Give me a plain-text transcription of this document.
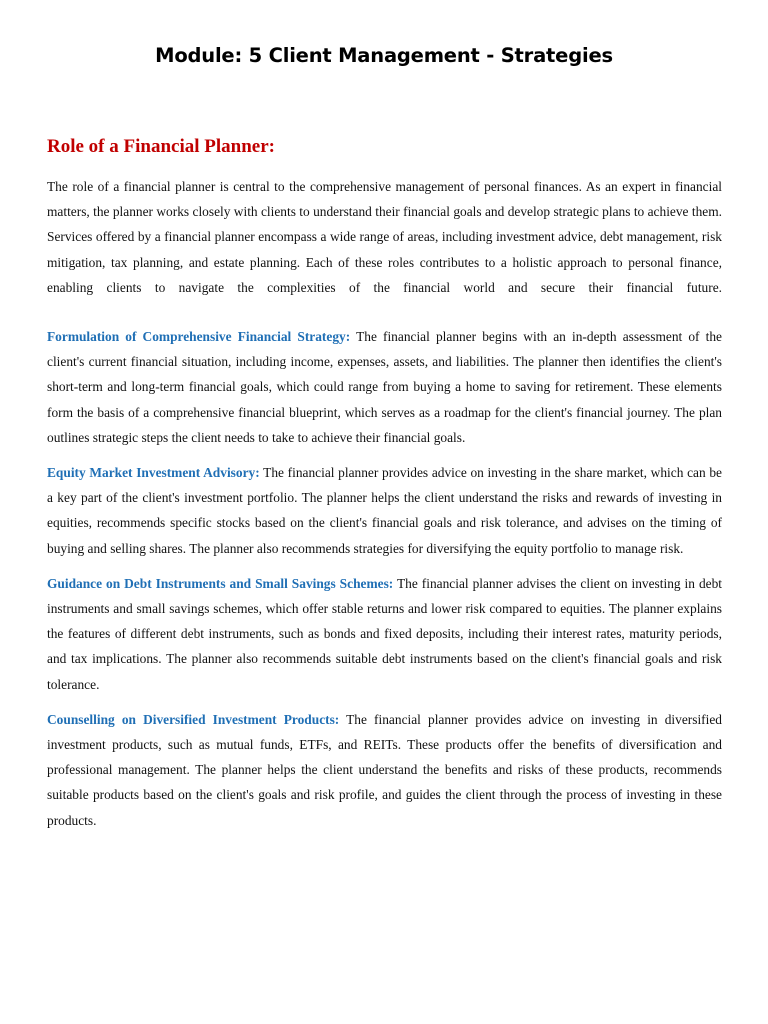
Module: 5 Client Management - Strategies
Role of a Financial Planner:

The role of a financial planner is central to the comprehensive management of personal finances. As an expert in financial matters, the planner works closely with clients to understand their financial goals and develop strategic plans to achieve them. Services offered by a financial planner encompass a wide range of areas, including investment advice, debt management, risk mitigation, tax planning, and estate planning. Each of these roles contributes to a holistic approach to personal finance, enabling clients to navigate the complexities of the financial world and secure their financial future.

Formulation of Comprehensive Financial Strategy: The financial planner begins with an in-depth assessment of the client's current financial situation, including income, expenses, assets, and liabilities. The planner then identifies the client's short-term and long-term financial goals, which could range from buying a home to saving for retirement. These elements form the basis of a comprehensive financial blueprint, which serves as a roadmap for the client's financial journey. The plan outlines strategic steps the client needs to take to achieve their financial goals.

Equity Market Investment Advisory: The financial planner provides advice on investing in the share market, which can be a key part of the client's investment portfolio. The planner helps the client understand the risks and rewards of investing in equities, recommends specific stocks based on the client's financial goals and risk tolerance, and advises on the timing of buying and selling shares. The planner also recommends strategies for diversifying the equity portfolio to manage risk.

Guidance on Debt Instruments and Small Savings Schemes: The financial planner advises the client on investing in debt instruments and small savings schemes, which offer stable returns and lower risk compared to equities. The planner explains the features of different debt instruments, such as bonds and fixed deposits, including their interest rates, maturity periods, and tax implications. The planner also recommends suitable debt instruments based on the client's financial goals and risk tolerance.

Counselling on Diversified Investment Products: The financial planner provides advice on investing in diversified investment products, such as mutual funds, ETFs, and REITs. These products offer the benefits of diversification and professional management. The planner helps the client understand the benefits and risks of these products, recommends suitable products based on the client's goals and risk profile, and guides the client through the process of investing in these products.
